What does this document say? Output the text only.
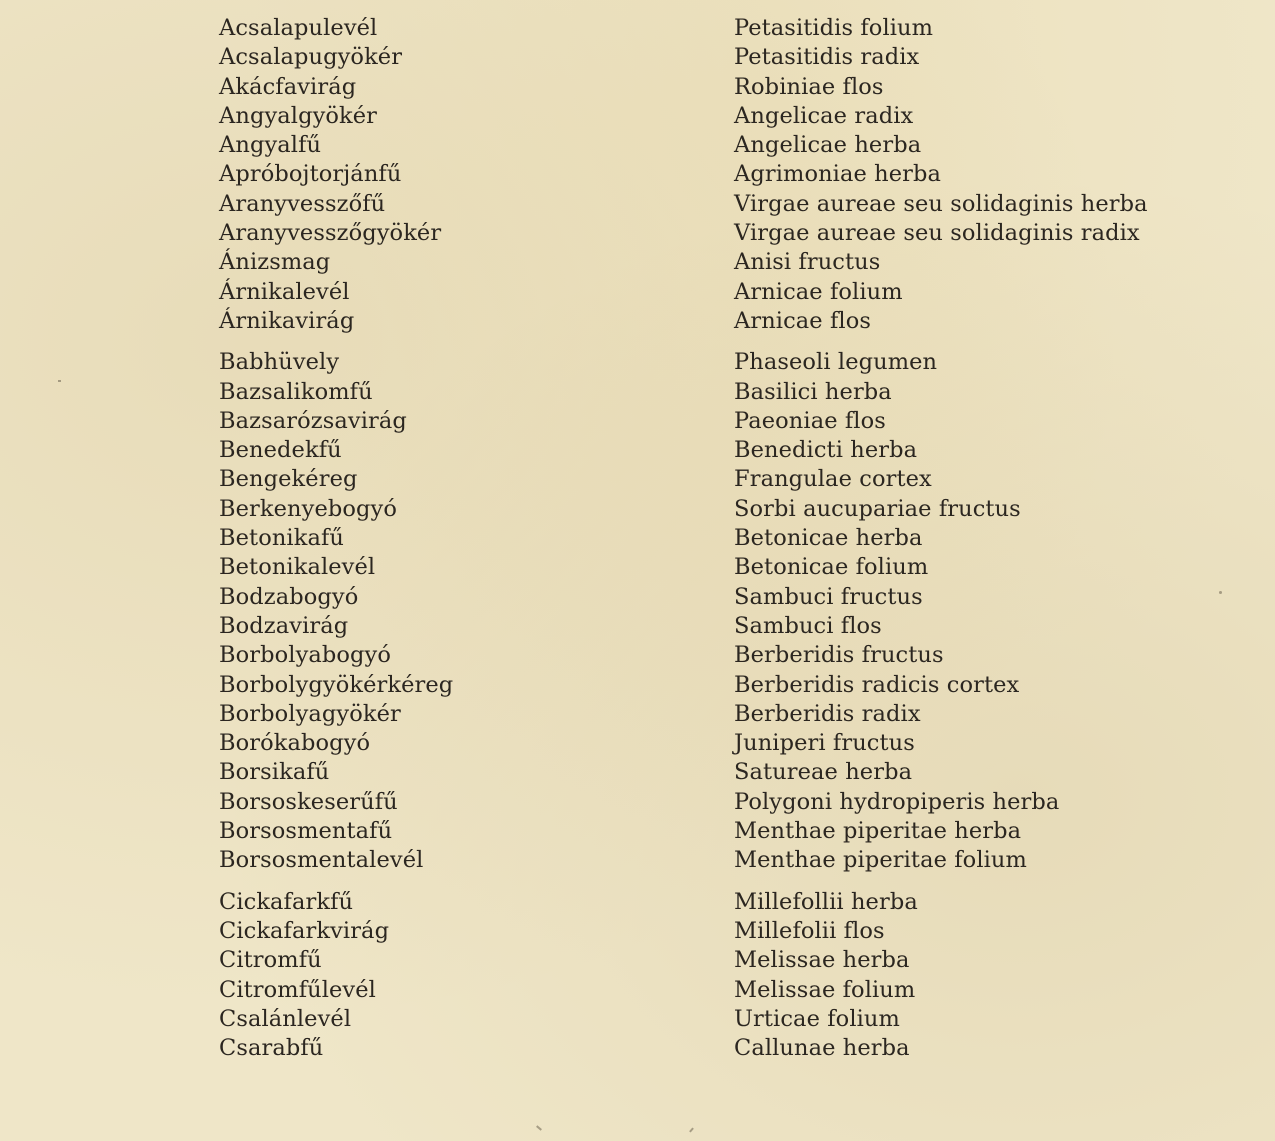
Acsalapulevél
Acsalapugyökér
Akácfavirág
Angyalgyökér
Angyalfű
Apróbojtorjánfű
Aranyvesszőfű
Aranyvesszőgyökér
Ánizsmag
Árnikalevél
Árnikavirág
Babhüvely
Bazsalikomfű
Bazsarózsavirág
Benedekfű
Bengekéreg
Berkenyebogyó
Betonikafű
Betonikalevél
Bodzabogyó
Bodzavirág
Borbolyabogyó
Borbolygyökérkéreg
Borbolyagyökér
Borókabogyó
Borsikafű
Borsoskeserűfű
Borsosmentafű
Borsosmentalevél
Cickafarkfű
Cickafarkvirág
Citromfű
Citromfűlevél
Csalánlevél
Csarabfű
Petasitidis folium
Petasitidis radix
Robiniae flos
Angelicae radix
Angelicae herba
Agrimoniae herba
Virgae aureae seu solidaginis herba
Virgae aureae seu solidaginis radix
Anisi fructus
Arnicae folium
Arnicae flos
Phaseoli legumen
Basilici herba
Paeoniae flos
Benedicti herba
Frangulae cortex
Sorbi aucupariae fructus
Betonicae herba
Betonicae folium
Sambuci fructus
Sambuci flos
Berberidis fructus
Berberidis radicis cortex
Berberidis radix
Juniperi fructus
Satureae herba
Polygoni hydropiperis herba
Menthae piperitae herba
Menthae piperitae folium
Millefollii herba
Millefolii flos
Melissae herba
Melissae folium
Urticae folium
Callunae herba
